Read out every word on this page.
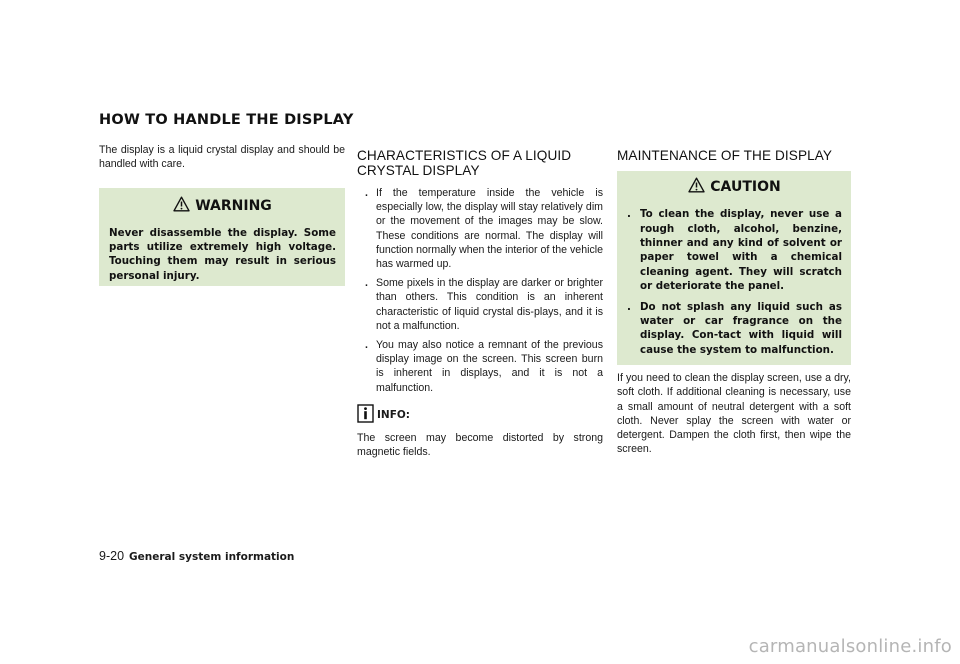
HOW TO HANDLE THE DISPLAY

The display is a liquid crystal display and should be handled with care.

WARNING

Never disassemble the display. Some parts utilize extremely high voltage. Touching them may result in serious personal injury.

CHARACTERISTICS OF A LIQUID CRYSTAL DISPLAY
. If the temperature inside the vehicle is especially low, the display will stay relatively dim or the movement of the images may be slow. These conditions are normal. The display will function normally when the interior of the vehicle has warmed up.
. Some pixels in the display are darker or brighter than others. This condition is an inherent characteristic of liquid crystal dis-plays, and it is not a malfunction.
. You may also notice a remnant of the previous display image on the screen. This screen burn is inherent in displays, and it is not a malfunction.
INFO:

The screen may become distorted by strong magnetic fields.

MAINTENANCE OF THE DISPLAY
CAUTION
. To clean the display, never use a rough cloth, alcohol, benzine, thinner and any kind of solvent or paper towel with a chemical cleaning agent. They will scratch or deteriorate the panel.
. Do not splash any liquid such as water or car fragrance on the display. Con-tact with liquid will cause the system to malfunction.

If you need to clean the display screen, use a dry, soft cloth. If additional cleaning is necessary, use a small amount of neutral detergent with a soft cloth. Never splay the screen with water or detergent. Dampen the cloth first, then wipe the screen.

9-20 General system information
carmanualsonline.info
